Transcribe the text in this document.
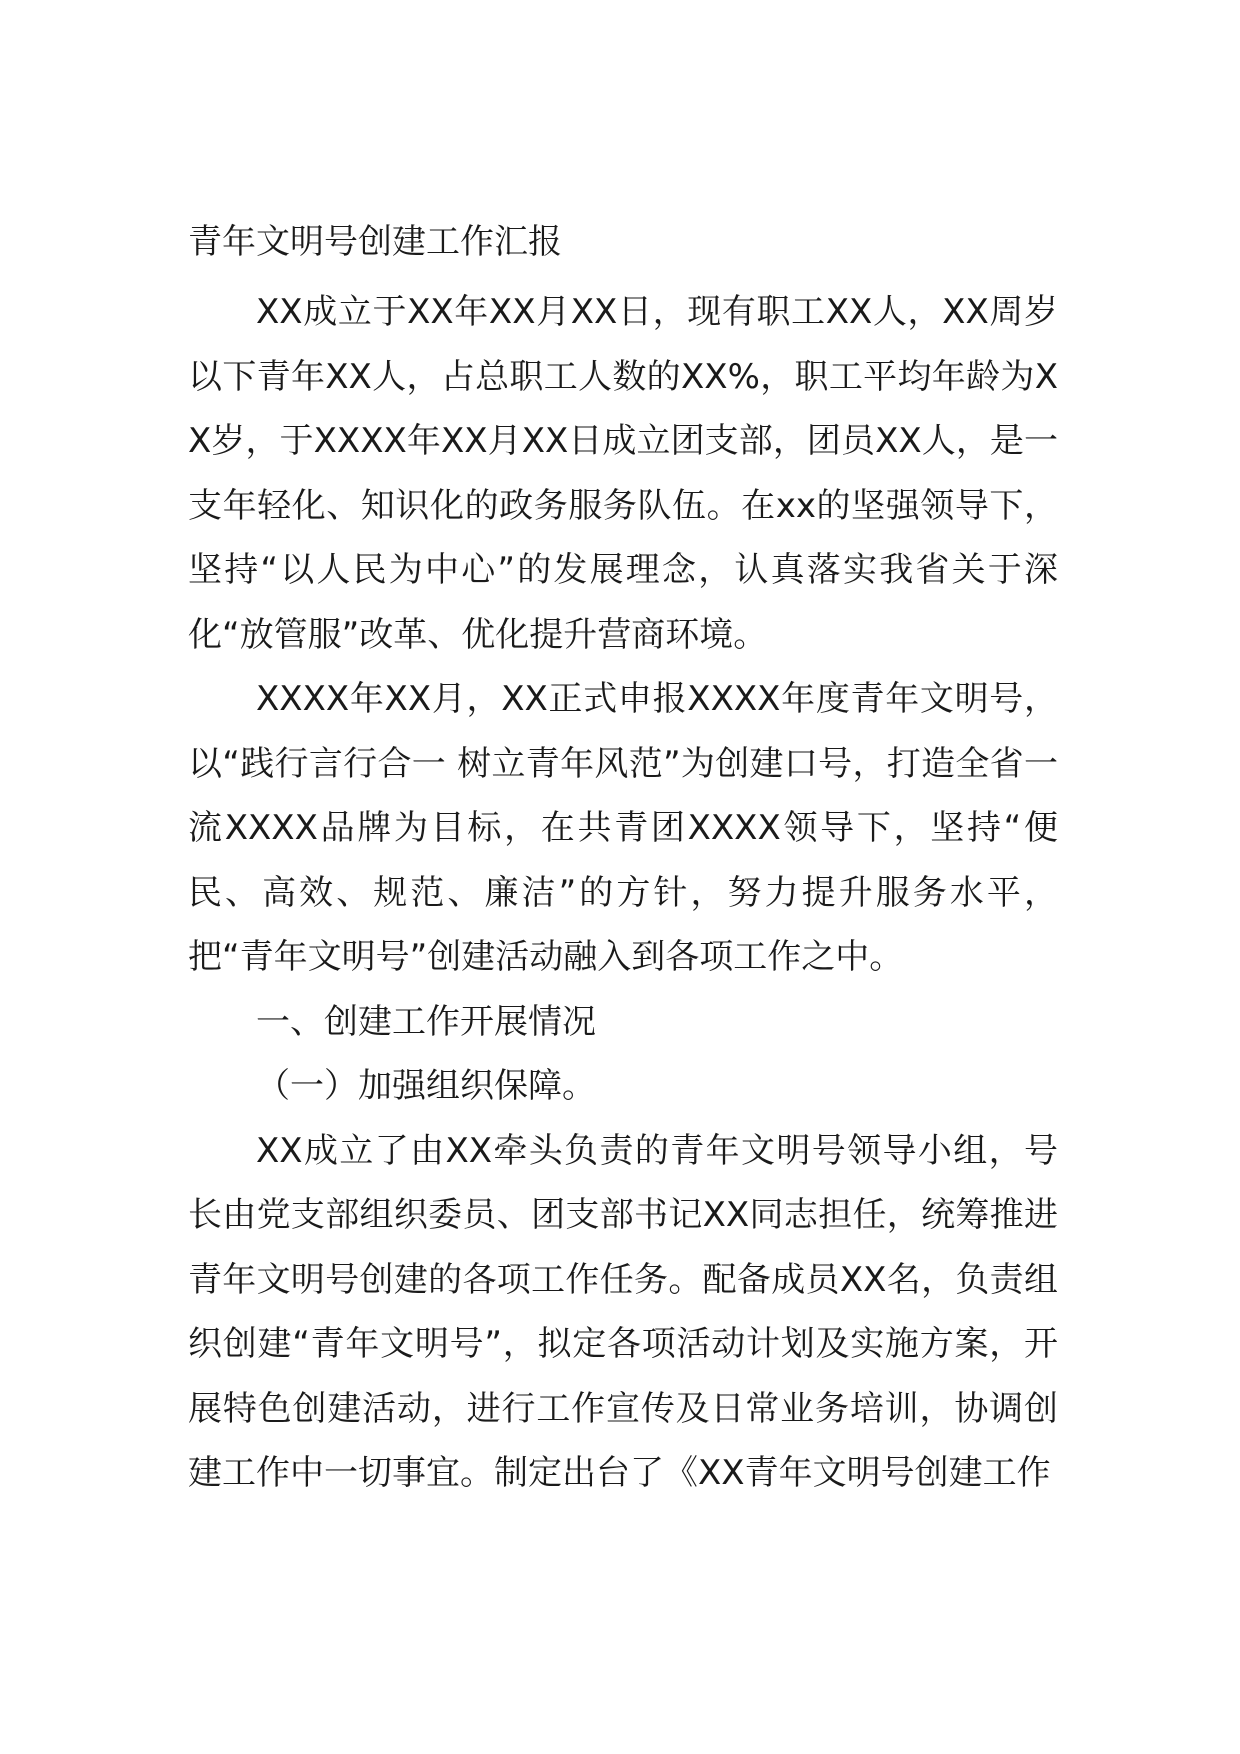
青年文明号创建工作汇报

XX成立于XX年XX月XX日，现有职工XX人，XX周岁以下青年XX人，占总职工人数的XX%，职工平均年龄为XX岁，于XXXX年XX月XX日成立团支部，团员XX人，是一支年轻化、知识化的政务服务队伍。在xx的坚强领导下，坚持“以人民为中心”的发展理念，认真落实我省关于深化“放管服”改革、优化提升营商环境。

XXXX年XX月，XX正式申报XXXX年度青年文明号，以“践行言行合一 树立青年风范”为创建口号，打造全省一流XXXX品牌为目标，在共青团XXXX领导下，坚持“便民、高效、规范、廉洁”的方针，努力提升服务水平，把“青年文明号”创建活动融入到各项工作之中。

一、创建工作开展情况

（一）加强组织保障。

XX成立了由XX牵头负责的青年文明号领导小组，号长由党支部组织委员、团支部书记XX同志担任，统筹推进青年文明号创建的各项工作任务。配备成员XX名，负责组织创建“青年文明号”，拟定各项活动计划及实施方案，开展特色创建活动，进行工作宣传及日常业务培训，协调创建工作中一切事宜。制定出台了《XX青年文明号创建工作
